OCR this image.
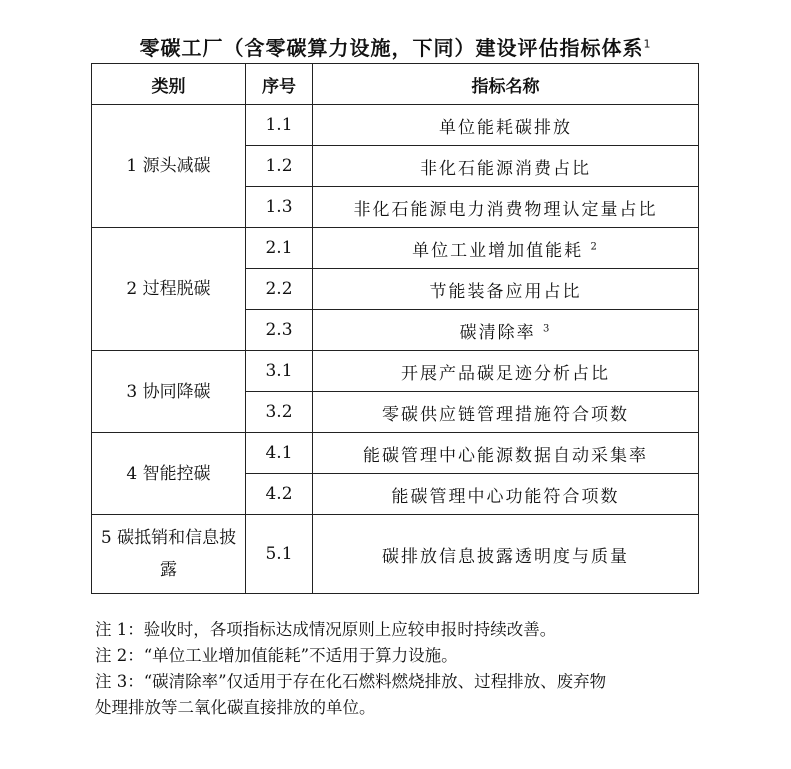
零碳工厂（含零碳算力设施，下同）建设评估指标体系$^1$
类别	序号	指标名称
1 源头减碳	1.1	单位能耗碳排放
	1.2	非化石能源消费占比
	1.3	非化石能源电力消费物理认定量占比
2 过程脱碳	2.1	单位工业增加值能耗 $^2$
	2.2	节能装备应用占比
	2.3	碳清除率 $^3$
3 协同降碳	3.1	开展产品碳足迹分析占比
	3.2	零碳供应链管理措施符合项数
4 智能控碳	4.1	能碳管理中心能源数据自动采集率
	4.2	能碳管理中心功能符合项数
5 碳抵销和信息披露	5.1	碳排放信息披露透明度与质量
注 1：验收时，各项指标达成情况原则上应较申报时持续改善。
注 2：“单位工业增加值能耗”不适用于算力设施。
注 3：“碳清除率”仅适用于存在化石燃料燃烧排放、过程排放、废弃物
处理排放等二氧化碳直接排放的单位。
